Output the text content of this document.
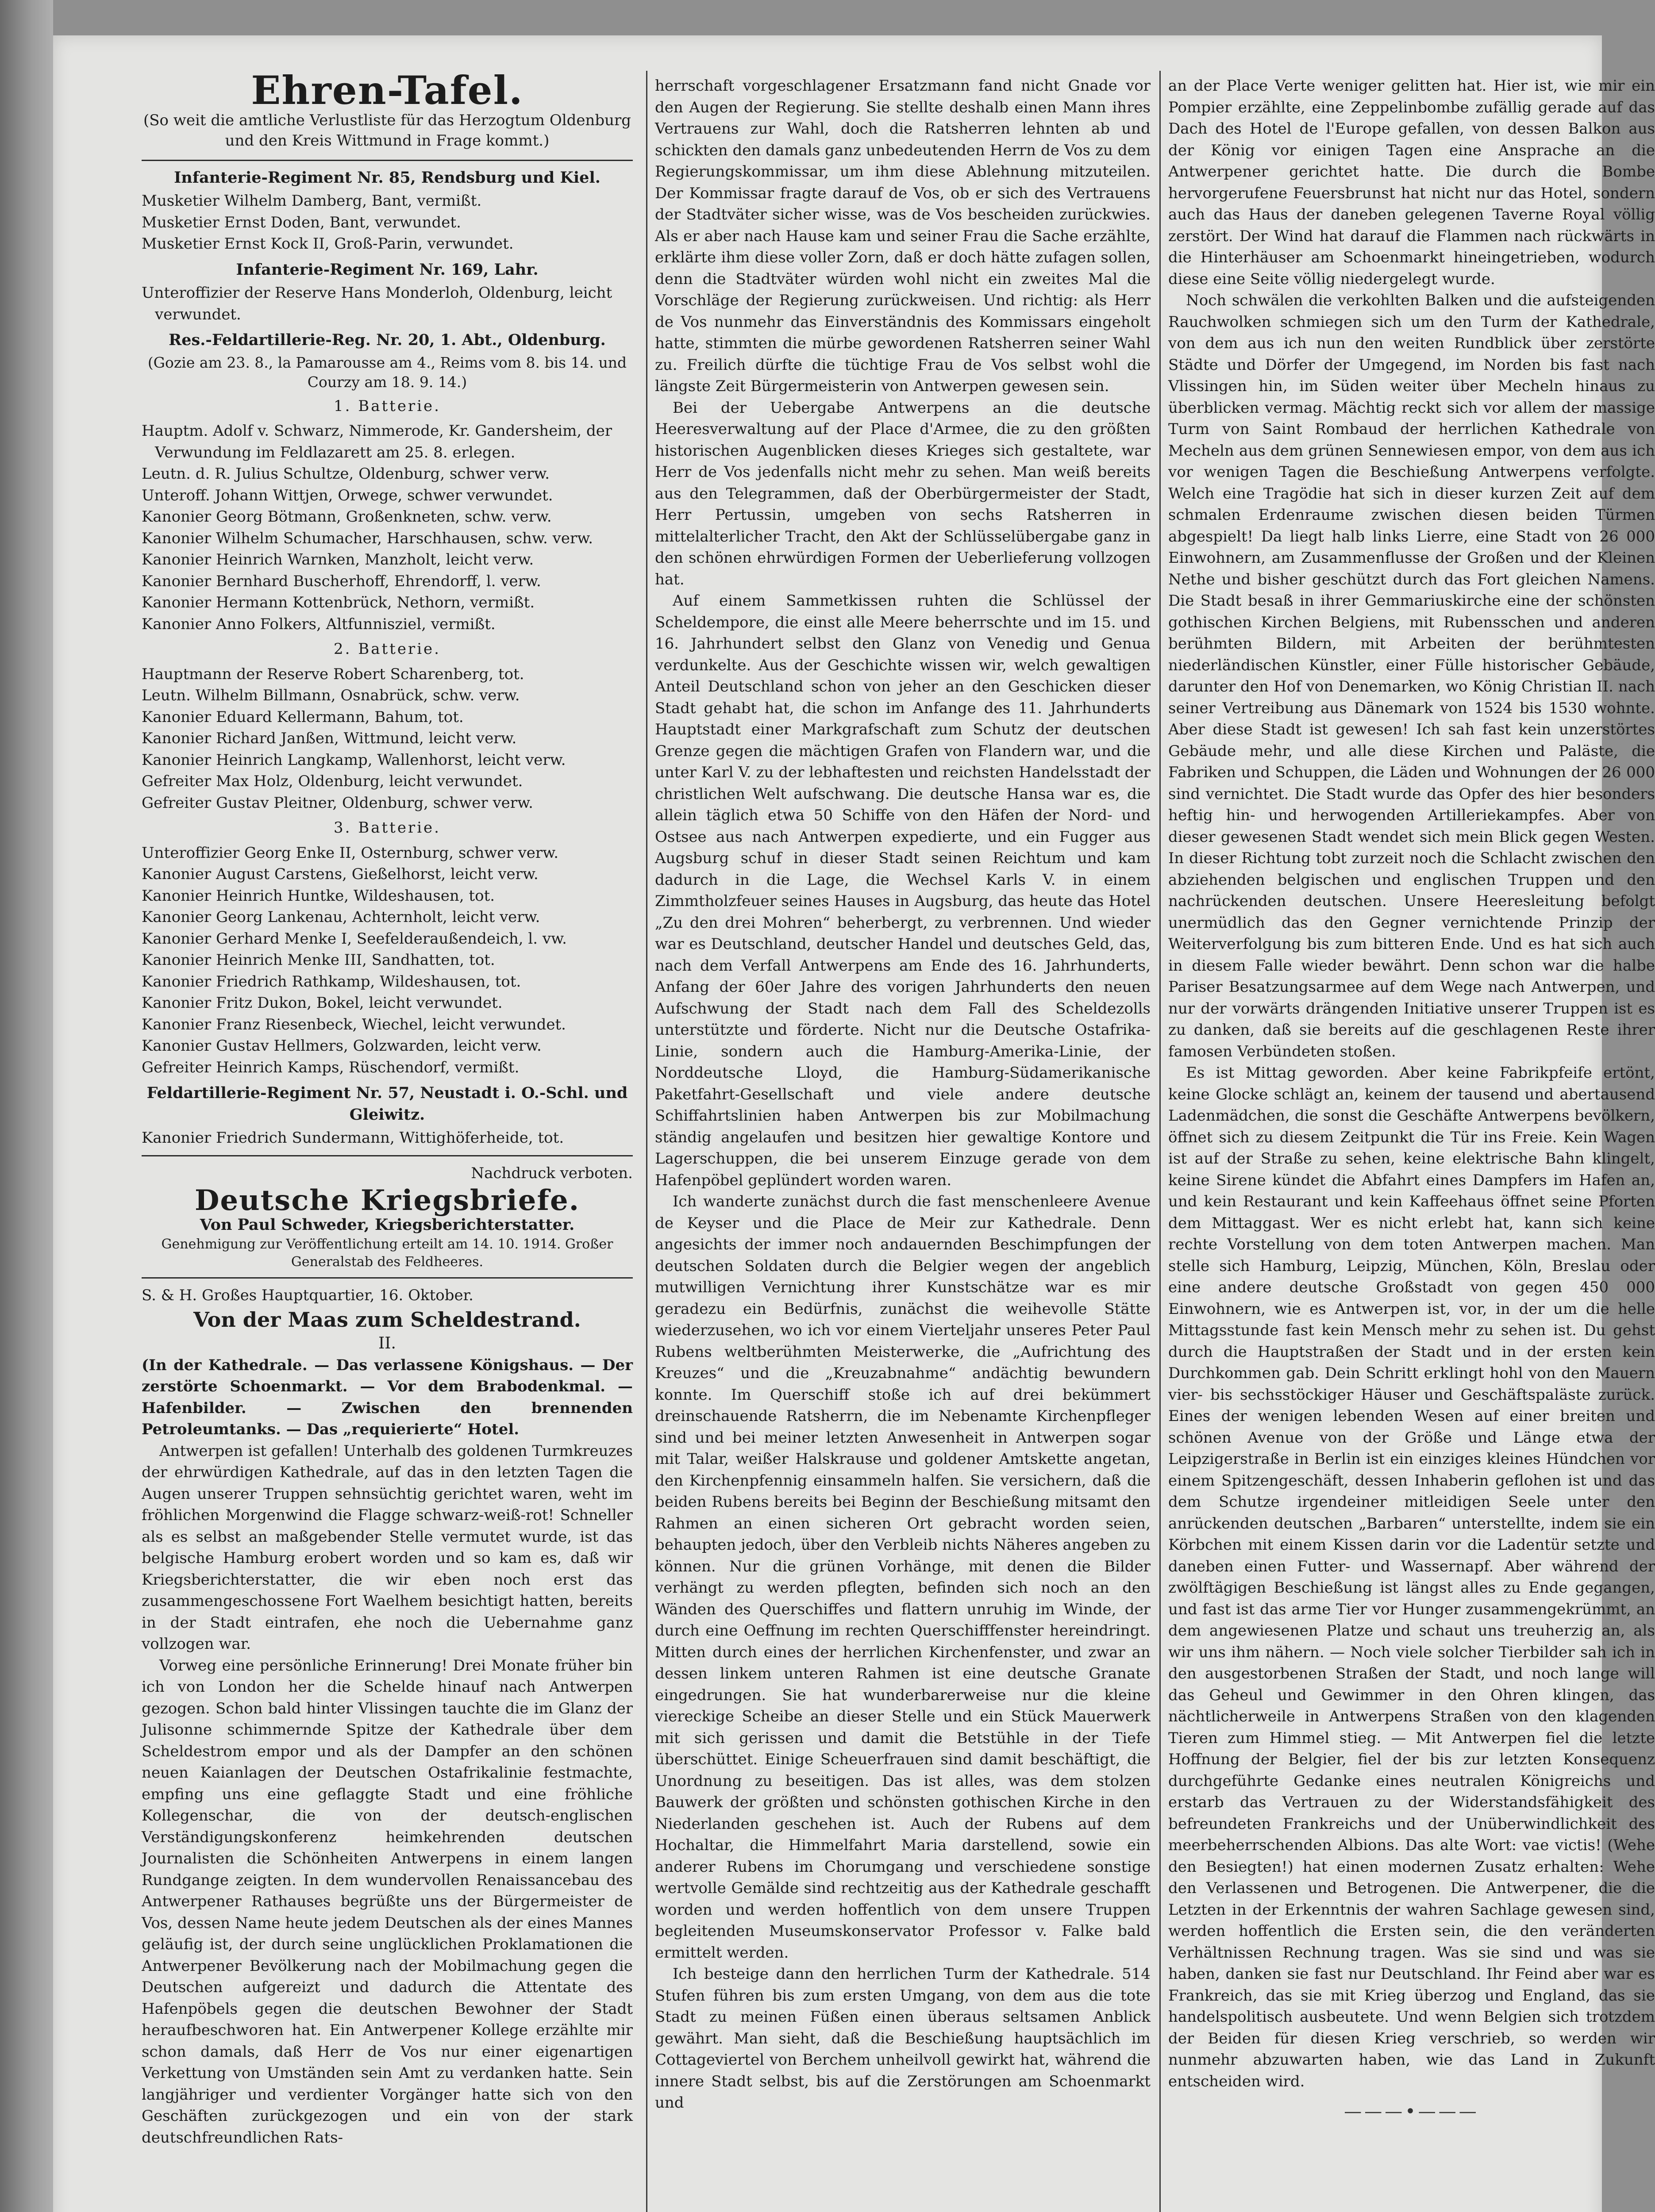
Ehren-Tafel.
(So weit die amtliche Verlustliste für das Herzogtum Oldenburg und den Kreis Wittmund in Frage kommt.)
Infanterie-Regiment Nr. 85, Rendsburg und Kiel.
Musketier Wilhelm Damberg, Bant, vermißt.
Musketier Ernst Doden, Bant, verwundet.
Musketier Ernst Kock II, Groß-Parin, verwundet.
Infanterie-Regiment Nr. 169, Lahr.
Unteroffizier der Reserve Hans Monderloh, Oldenburg, leicht verwundet.
Res.-Feldartillerie-Reg. Nr. 20, 1. Abt., Oldenburg.
(Gozie am 23. 8., la Pamarousse am 4., Reims vom 8. bis 14. und Courzy am 18. 9. 14.)
1. Batterie.
Hauptm. Adolf v. Schwarz, Nimmerode, Kr. Gandersheim, der Verwundung im Feldlazarett am 25. 8. erlegen.
Leutn. d. R. Julius Schultze, Oldenburg, schwer verw.
Unteroff. Johann Wittjen, Orwege, schwer verwundet.
Kanonier Georg Bötmann, Großenkneten, schw. verw.
Kanonier Wilhelm Schumacher, Harschhausen, schw. verw.
Kanonier Heinrich Warnken, Manzholt, leicht verw.
Kanonier Bernhard Buscherhoff, Ehrendorff, l. verw.
Kanonier Hermann Kottenbrück, Nethorn, vermißt.
Kanonier Anno Folkers, Altfunnisziel, vermißt.
2. Batterie.
Hauptmann der Reserve Robert Scharenberg, tot.
Leutn. Wilhelm Billmann, Osnabrück, schw. verw.
Kanonier Eduard Kellermann, Bahum, tot.
Kanonier Richard Janßen, Wittmund, leicht verw.
Kanonier Heinrich Langkamp, Wallenhorst, leicht verw.
Gefreiter Max Holz, Oldenburg, leicht verwundet.
Gefreiter Gustav Pleitner, Oldenburg, schwer verw.
3. Batterie.
Unteroffizier Georg Enke II, Osternburg, schwer verw.
Kanonier August Carstens, Gießelhorst, leicht verw.
Kanonier Heinrich Huntke, Wildeshausen, tot.
Kanonier Georg Lankenau, Achternholt, leicht verw.
Kanonier Gerhard Menke I, Seefelderaußendeich, l. vw.
Kanonier Heinrich Menke III, Sandhatten, tot.
Kanonier Friedrich Rathkamp, Wildeshausen, tot.
Kanonier Fritz Dukon, Bokel, leicht verwundet.
Kanonier Franz Riesenbeck, Wiechel, leicht verwundet.
Kanonier Gustav Hellmers, Golzwarden, leicht verw.
Gefreiter Heinrich Kamps, Rüschendorf, vermißt.
Feldartillerie-Regiment Nr. 57, Neustadt i. O.-Schl. und Gleiwitz.
Kanonier Friedrich Sundermann, Wittighöferheide, tot.
Nachdruck verboten.
Deutsche Kriegsbriefe.
Von Paul Schweder, Kriegsberichterstatter.
Genehmigung zur Veröffentlichung erteilt am 14. 10. 1914. Großer Generalstab des Feldheeres.
S. & H. Großes Hauptquartier, 16. Oktober.
Von der Maas zum Scheldestrand.
II.
(In der Kathedrale. — Das verlassene Königshaus. — Der zerstörte Schoenmarkt. — Vor dem Brabodenkmal. — Hafenbilder. — Zwischen den brennenden Petroleumtanks. — Das „requierierte“ Hotel.

Antwerpen ist gefallen! Unterhalb des goldenen Turmkreuzes der ehrwürdigen Kathedrale, auf das in den letzten Tagen die Augen unserer Truppen sehnsüchtig gerichtet waren, weht im fröhlichen Morgenwind die Flagge schwarz-weiß-rot! Schneller als es selbst an maßgebender Stelle vermutet wurde, ist das belgische Hamburg erobert worden und so kam es, daß wir Kriegsberichterstatter, die wir eben noch erst das zusammengeschossene Fort Waelhem besichtigt hatten, bereits in der Stadt eintrafen, ehe noch die Uebernahme ganz vollzogen war.

Vorweg eine persönliche Erinnerung! Drei Monate früher bin ich von London her die Schelde hinauf nach Antwerpen gezogen. Schon bald hinter Vlissingen tauchte die im Glanz der Julisonne schimmernde Spitze der Kathedrale über dem Scheldestrom empor und als der Dampfer an den schönen neuen Kaianlagen der Deutschen Ostafrikalinie festmachte, empfing uns eine geflaggte Stadt und eine fröhliche Kollegenschar, die von der deutsch-englischen Verständigungskonferenz heimkehrenden deutschen Journalisten die Schönheiten Antwerpens in einem langen Rundgange zeigten. In dem wundervollen Renaissancebau des Antwerpener Rathauses begrüßte uns der Bürgermeister de Vos, dessen Name heute jedem Deutschen als der eines Mannes geläufig ist, der durch seine unglücklichen Proklamationen die Antwerpener Bevölkerung nach der Mobilmachung gegen die Deutschen aufgereizt und dadurch die Attentate des Hafenpöbels gegen die deutschen Bewohner der Stadt heraufbeschworen hat. Ein Antwerpener Kollege erzählte mir schon damals, daß Herr de Vos nur einer eigenartigen Verkettung von Umständen sein Amt zu verdanken hatte. Sein langjähriger und verdienter Vorgänger hatte sich von den Geschäften zurückgezogen und ein von der stark deutschfreundlichen Rats-

herrschaft vorgeschlagener Ersatzmann fand nicht Gnade vor den Augen der Regierung. Sie stellte deshalb einen Mann ihres Vertrauens zur Wahl, doch die Ratsherren lehnten ab und schickten den damals ganz unbedeutenden Herrn de Vos zu dem Regierungskommissar, um ihm diese Ablehnung mitzuteilen. Der Kommissar fragte darauf de Vos, ob er sich des Vertrauens der Stadtväter sicher wisse, was de Vos bescheiden zurückwies. Als er aber nach Hause kam und seiner Frau die Sache erzählte, erklärte ihm diese voller Zorn, daß er doch hätte zufagen sollen, denn die Stadtväter würden wohl nicht ein zweites Mal die Vorschläge der Regierung zurückweisen. Und richtig: als Herr de Vos nunmehr das Einverständnis des Kommissars eingeholt hatte, stimmten die mürbe gewordenen Ratsherren seiner Wahl zu. Freilich dürfte die tüchtige Frau de Vos selbst wohl die längste Zeit Bürgermeisterin von Antwerpen gewesen sein.

Bei der Uebergabe Antwerpens an die deutsche Heeresverwaltung auf der Place d'Armee, die zu den größten historischen Augenblicken dieses Krieges sich gestaltete, war Herr de Vos jedenfalls nicht mehr zu sehen. Man weiß bereits aus den Telegrammen, daß der Oberbürgermeister der Stadt, Herr Pertussin, umgeben von sechs Ratsherren in mittelalterlicher Tracht, den Akt der Schlüsselübergabe ganz in den schönen ehrwürdigen Formen der Ueberlieferung vollzogen hat.

Auf einem Sammetkissen ruhten die Schlüssel der Scheldempore, die einst alle Meere beherrschte und im 15. und 16. Jahrhundert selbst den Glanz von Venedig und Genua verdunkelte. Aus der Geschichte wissen wir, welch gewaltigen Anteil Deutschland schon von jeher an den Geschicken dieser Stadt gehabt hat, die schon im Anfange des 11. Jahrhunderts Hauptstadt einer Markgrafschaft zum Schutz der deutschen Grenze gegen die mächtigen Grafen von Flandern war, und die unter Karl V. zu der lebhaftesten und reichsten Handelsstadt der christlichen Welt aufschwang. Die deutsche Hansa war es, die allein täglich etwa 50 Schiffe von den Häfen der Nord- und Ostsee aus nach Antwerpen expedierte, und ein Fugger aus Augsburg schuf in dieser Stadt seinen Reichtum und kam dadurch in die Lage, die Wechsel Karls V. in einem Zimmtholzfeuer seines Hauses in Augsburg, das heute das Hotel „Zu den drei Mohren“ beherbergt, zu verbrennen. Und wieder war es Deutschland, deutscher Handel und deutsches Geld, das, nach dem Verfall Antwerpens am Ende des 16. Jahrhunderts, Anfang der 60er Jahre des vorigen Jahrhunderts den neuen Aufschwung der Stadt nach dem Fall des Scheldezolls unterstützte und förderte. Nicht nur die Deutsche Ostafrika-Linie, sondern auch die Hamburg-Amerika-Linie, der Norddeutsche Lloyd, die Hamburg-Südamerikanische Paketfahrt-Gesellschaft und viele andere deutsche Schiffahrtslinien haben Antwerpen bis zur Mobilmachung ständig angelaufen und besitzen hier gewaltige Kontore und Lagerschuppen, die bei unserem Einzuge gerade von dem Hafenpöbel geplündert worden waren.

Ich wanderte zunächst durch die fast menschenleere Avenue de Keyser und die Place de Meir zur Kathedrale. Denn angesichts der immer noch andauernden Beschimpfungen der deutschen Soldaten durch die Belgier wegen der angeblich mutwilligen Vernichtung ihrer Kunstschätze war es mir geradezu ein Bedürfnis, zunächst die weihevolle Stätte wiederzusehen, wo ich vor einem Vierteljahr unseres Peter Paul Rubens weltberühmten Meisterwerke, die „Aufrichtung des Kreuzes“ und die „Kreuzabnahme“ andächtig bewundern konnte. Im Querschiff stoße ich auf drei bekümmert dreinschauende Ratsherrn, die im Nebenamte Kirchenpfleger sind und bei meiner letzten Anwesenheit in Antwerpen sogar mit Talar, weißer Halskrause und goldener Amtskette angetan, den Kirchenpfennig einsammeln halfen. Sie versichern, daß die beiden Rubens bereits bei Beginn der Beschießung mitsamt den Rahmen an einen sicheren Ort gebracht worden seien, behaupten jedoch, über den Verbleib nichts Näheres angeben zu können. Nur die grünen Vorhänge, mit denen die Bilder verhängt zu werden pflegten, befinden sich noch an den Wänden des Querschiffes und flattern unruhig im Winde, der durch eine Oeffnung im rechten Querschifffenster hereindringt. Mitten durch eines der herrlichen Kirchenfenster, und zwar an dessen linkem unteren Rahmen ist eine deutsche Granate eingedrungen. Sie hat wunderbarerweise nur die kleine viereckige Scheibe an dieser Stelle und ein Stück Mauerwerk mit sich gerissen und damit die Betstühle in der Tiefe überschüttet. Einige Scheuerfrauen sind damit beschäftigt, die Unordnung zu beseitigen. Das ist alles, was dem stolzen Bauwerk der größten und schönsten gothischen Kirche in den Niederlanden geschehen ist. Auch der Rubens auf dem Hochaltar, die Himmelfahrt Maria darstellend, sowie ein anderer Rubens im Chorumgang und verschiedene sonstige wertvolle Gemälde sind rechtzeitig aus der Kathedrale geschafft worden und werden hoffentlich von dem unsere Truppen begleitenden Museumskonservator Professor v. Falke bald ermittelt werden.

Ich besteige dann den herrlichen Turm der Kathedrale. 514 Stufen führen bis zum ersten Umgang, von dem aus die tote Stadt zu meinen Füßen einen überaus seltsamen Anblick gewährt. Man sieht, daß die Beschießung hauptsächlich im Cottageviertel von Berchem unheilvoll gewirkt hat, während die innere Stadt selbst, bis auf die Zerstörungen am Schoenmarkt und

an der Place Verte weniger gelitten hat. Hier ist, wie mir ein Pompier erzählte, eine Zeppelinbombe zufällig gerade auf das Dach des Hotel de l'Europe gefallen, von dessen Balkon aus der König vor einigen Tagen eine Ansprache an die Antwerpener gerichtet hatte. Die durch die Bombe hervorgerufene Feuersbrunst hat nicht nur das Hotel, sondern auch das Haus der daneben gelegenen Taverne Royal völlig zerstört. Der Wind hat darauf die Flammen nach rückwärts in die Hinterhäuser am Schoenmarkt hineingetrieben, wodurch diese eine Seite völlig niedergelegt wurde.

Noch schwälen die verkohlten Balken und die aufsteigenden Rauchwolken schmiegen sich um den Turm der Kathedrale, von dem aus ich nun den weiten Rundblick über zerstörte Städte und Dörfer der Umgegend, im Norden bis fast nach Vlissingen hin, im Süden weiter über Mecheln hinaus zu überblicken vermag. Mächtig reckt sich vor allem der massige Turm von Saint Rombaud der herrlichen Kathedrale von Mecheln aus dem grünen Sennewiesen empor, von dem aus ich vor wenigen Tagen die Beschießung Antwerpens verfolgte. Welch eine Tragödie hat sich in dieser kurzen Zeit auf dem schmalen Erdenraume zwischen diesen beiden Türmen abgespielt! Da liegt halb links Lierre, eine Stadt von 26 000 Einwohnern, am Zusammenflusse der Großen und der Kleinen Nethe und bisher geschützt durch das Fort gleichen Namens. Die Stadt besaß in ihrer Gemmariuskirche eine der schönsten gothischen Kirchen Belgiens, mit Rubensschen und anderen berühmten Bildern, mit Arbeiten der berühmtesten niederländischen Künstler, einer Fülle historischer Gebäude, darunter den Hof von Denemarken, wo König Christian II. nach seiner Vertreibung aus Dänemark von 1524 bis 1530 wohnte. Aber diese Stadt ist gewesen! Ich sah fast kein unzerstörtes Gebäude mehr, und alle diese Kirchen und Paläste, die Fabriken und Schuppen, die Läden und Wohnungen der 26 000 sind vernichtet. Die Stadt wurde das Opfer des hier besonders heftig hin- und herwogenden Artilleriekampfes. Aber von dieser gewesenen Stadt wendet sich mein Blick gegen Westen. In dieser Richtung tobt zurzeit noch die Schlacht zwischen den abziehenden belgischen und englischen Truppen und den nachrückenden deutschen. Unsere Heeresleitung befolgt unermüdlich das den Gegner vernichtende Prinzip der Weiterverfolgung bis zum bitteren Ende. Und es hat sich auch in diesem Falle wieder bewährt. Denn schon war die halbe Pariser Besatzungsarmee auf dem Wege nach Antwerpen, und nur der vorwärts drängenden Initiative unserer Truppen ist es zu danken, daß sie bereits auf die geschlagenen Reste ihrer famosen Verbündeten stoßen.

Es ist Mittag geworden. Aber keine Fabrikpfeife ertönt, keine Glocke schlägt an, keinem der tausend und abertausend Ladenmädchen, die sonst die Geschäfte Antwerpens bevölkern, öffnet sich zu diesem Zeitpunkt die Tür ins Freie. Kein Wagen ist auf der Straße zu sehen, keine elektrische Bahn klingelt, keine Sirene kündet die Abfahrt eines Dampfers im Hafen an, und kein Restaurant und kein Kaffeehaus öffnet seine Pforten dem Mittaggast. Wer es nicht erlebt hat, kann sich keine rechte Vorstellung von dem toten Antwerpen machen. Man stelle sich Hamburg, Leipzig, München, Köln, Breslau oder eine andere deutsche Großstadt von gegen 450 000 Einwohnern, wie es Antwerpen ist, vor, in der um die helle Mittagsstunde fast kein Mensch mehr zu sehen ist. Du gehst durch die Hauptstraßen der Stadt und in der ersten kein Durchkommen gab. Dein Schritt erklingt hohl von den Mauern vier- bis sechsstöckiger Häuser und Geschäftspaläste zurück. Eines der wenigen lebenden Wesen auf einer breiten und schönen Avenue von der Größe und Länge etwa der Leipzigerstraße in Berlin ist ein einziges kleines Hündchen vor einem Spitzengeschäft, dessen Inhaberin geflohen ist und das dem Schutze irgendeiner mitleidigen Seele unter den anrückenden deutschen „Barbaren“ unterstellte, indem sie ein Körbchen mit einem Kissen darin vor die Ladentür setzte und daneben einen Futter- und Wassernapf. Aber während der zwölftägigen Beschießung ist längst alles zu Ende gegangen, und fast ist das arme Tier vor Hunger zusammengekrümmt, an dem angewiesenen Platze und schaut uns treuherzig an, als wir uns ihm nähern. — Noch viele solcher Tierbilder sah ich in den ausgestorbenen Straßen der Stadt, und noch lange will das Geheul und Gewimmer in den Ohren klingen, das nächtlicherweile in Antwerpens Straßen von den klagenden Tieren zum Himmel stieg. — Mit Antwerpen fiel die letzte Hoffnung der Belgier, fiel der bis zur letzten Konsequenz durchgeführte Gedanke eines neutralen Königreichs und erstarb das Vertrauen zu der Widerstandsfähigkeit des befreundeten Frankreichs und der Unüberwindlichkeit des meerbeherrschenden Albions. Das alte Wort: vae victis! (Wehe den Besiegten!) hat einen modernen Zusatz erhalten: Wehe den Verlassenen und Betrogenen. Die Antwerpener, die die Letzten in der Erkenntnis der wahren Sachlage gewesen sind, werden hoffentlich die Ersten sein, die den veränderten Verhältnissen Rechnung tragen. Was sie sind und was sie haben, danken sie fast nur Deutschland. Ihr Feind aber war es Frankreich, das sie mit Krieg überzog und England, das sie handelspolitisch ausbeutete. Und wenn Belgien sich trotzdem der Beiden für diesen Krieg verschrieb, so werden wir nunmehr abzuwarten haben, wie das Land in Zukunft entscheiden wird.

———•———
